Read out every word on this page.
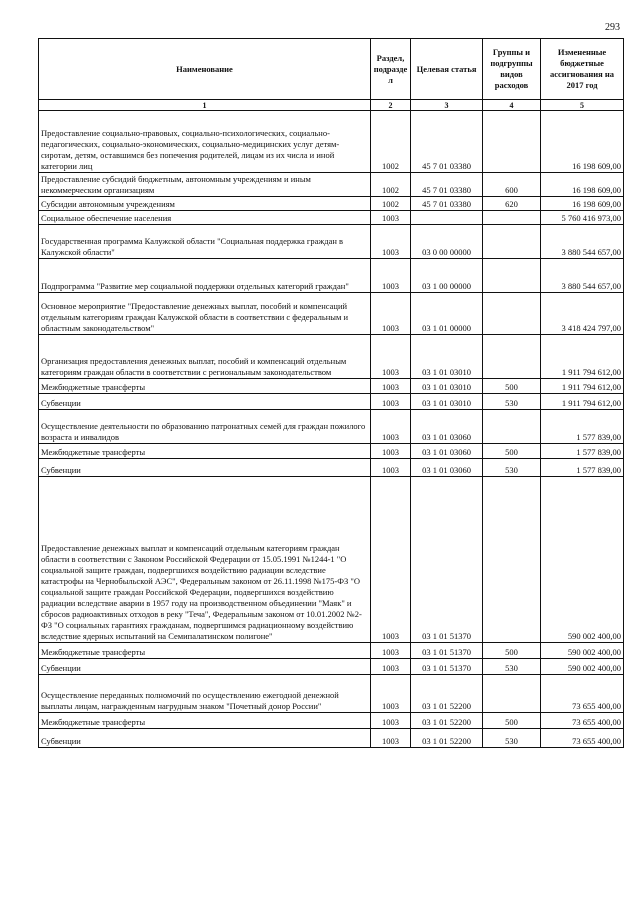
293
Наименование	Раздел, подразде л	Целевая статья	Группы и подгруппы видов расходов	Измененные бюджетные ассигнования на 2017 год
1	2	3	4	5
Предоставление социально-правовых, социально-психологических, социально-педагогических, социально-экономических, социально-медицинских услуг детям-сиротам, детям, оставшимся без попечения родителей, лицам из их числа и иной категории лиц	1002	45 7 01 03380		16 198 609,00
Предоставление субсидий бюджетным, автономным учреждениям и иным некоммерческим организациям	1002	45 7 01 03380	600	16 198 609,00
Субсидии автономным учреждениям	1002	45 7 01 03380	620	16 198 609,00
Социальное обеспечение населения	1003			5 760 416 973,00
Государственная программа Калужской области "Социальная поддержка граждан в Калужской области"	1003	03 0 00 00000		3 880 544 657,00
Подпрограмма "Развитие мер социальной поддержки отдельных категорий граждан"	1003	03 1 00 00000		3 880 544 657,00
Основное мероприятие "Предоставление денежных выплат, пособий и компенсаций отдельным категориям граждан Калужской области в соответствии с федеральным и областным законодательством"	1003	03 1 01 00000		3 418 424 797,00
Организация предоставления денежных выплат, пособий и компенсаций отдельным категориям граждан области в соответствии с региональным законодательством	1003	03 1 01 03010		1 911 794 612,00
Межбюджетные трансферты	1003	03 1 01 03010	500	1 911 794 612,00
Субвенции	1003	03 1 01 03010	530	1 911 794 612,00
Осуществление деятельности по образованию патронатных семей для граждан пожилого возраста и инвалидов	1003	03 1 01 03060		1 577 839,00
Межбюджетные трансферты	1003	03 1 01 03060	500	1 577 839,00
Субвенции	1003	03 1 01 03060	530	1 577 839,00
Предоставление денежных выплат и компенсаций отдельным категориям граждан области в соответствии с Законом Российской Федерации от 15.05.1991 №1244-1 "О социальной защите граждан, подвергшихся воздействию радиации вследствие катастрофы на Чернобыльской АЭС", Федеральным законом от 26.11.1998 №175-ФЗ "О социальной защите граждан Российской Федерации, подвергшихся воздействию радиации вследствие аварии в 1957 году на производственном объединении "Маяк" и сбросов радиоактивных отходов в реку "Теча", Федеральным законом от 10.01.2002 №2-ФЗ "О социальных гарантиях гражданам, подвергшимся радиационному воздействию вследствие ядерных испытаний на Семипалатинском полигоне"	1003	03 1 01 51370		590 002 400,00
Межбюджетные трансферты	1003	03 1 01 51370	500	590 002 400,00
Субвенции	1003	03 1 01 51370	530	590 002 400,00
Осуществление переданных полномочий по осуществлению ежегодной денежной выплаты лицам, награжденным нагрудным знаком "Почетный донор России"	1003	03 1 01 52200		73 655 400,00
Межбюджетные трансферты	1003	03 1 01 52200	500	73 655 400,00
Субвенции	1003	03 1 01 52200	530	73 655 400,00
